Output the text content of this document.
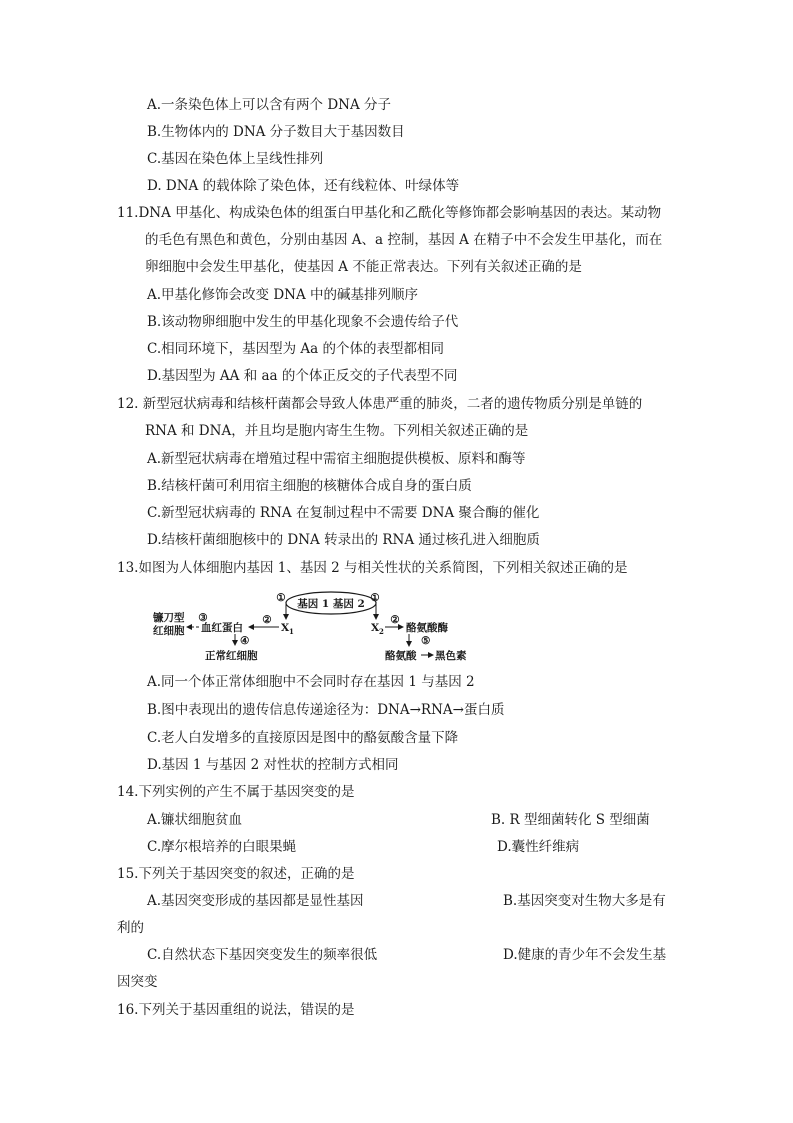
A.一条染色体上可以含有两个 DNA 分子
B.生物体内的 DNA 分子数目大于基因数目
C.基因在染色体上呈线性排列
D. DNA 的载体除了染色体，还有线粒体、叶绿体等
11.DNA 甲基化、构成染色体的组蛋白甲基化和乙酰化等修饰都会影响基因的表达。某动物
的毛色有黑色和黄色，分别由基因 A、a 控制，基因 A 在精子中不会发生甲基化，而在
卵细胞中会发生甲基化，使基因 A 不能正常表达。下列有关叙述正确的是
A.甲基化修饰会改变 DNA 中的碱基排列顺序
B.该动物卵细胞中发生的甲基化现象不会遗传给子代
C.相同环境下，基因型为 Aa 的个体的表型都相同
D.基因型为 AA 和 aa 的个体正反交的子代表型不同
12. 新型冠状病毒和结核杆菌都会导致人体患严重的肺炎，二者的遗传物质分别是单链的
RNA 和 DNA，并且均是胞内寄生生物。下列相关叙述正确的是
A.新型冠状病毒在增殖过程中需宿主细胞提供模板、原料和酶等
B.结核杆菌可利用宿主细胞的核糖体合成自身的蛋白质
C.新型冠状病毒的 RNA 在复制过程中不需要 DNA 聚合酶的催化
D.结核杆菌细胞核中的 DNA 转录出的 RNA 通过核孔进入细胞质
13.如图为人体细胞内基因 1、基因 2 与相关性状的关系简图，下列相关叙述正确的是
基因 1 基因 2
①	①
X 1
②
血红蛋白
③
镰刀型
红细胞
④
正常红细胞
X 2
②
酪氨酸酶
⑤
酪氨酸 黑色素
A.同一个体正常体细胞中不会同时存在基因 1 与基因 2
B.图中表现出的遗传信息传递途径为：DNA→RNA→蛋白质
C.老人白发增多的直接原因是图中的酪氨酸含量下降
D.基因 1 与基因 2 对性状的控制方式相同
14.下列实例的产生不属于基因突变的是
A.镰状细胞贫血	B. R 型细菌转化 S 型细菌
C.摩尔根培养的白眼果蝇	D.囊性纤维病
15.下列关于基因突变的叙述，正确的是
A.基因突变形成的基因都是显性基因	B.基因突变对生物大多是有
利的
C.自然状态下基因突变发生的频率很低	D.健康的青少年不会发生基
因突变
16.下列关于基因重组的说法，错误的是
